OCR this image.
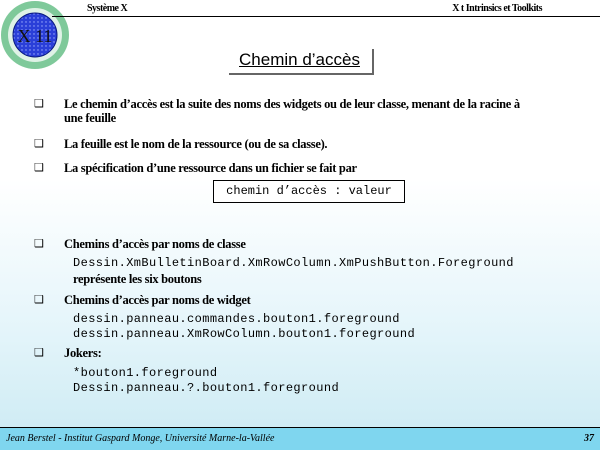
X 11
Système X	X t Intrinsics et Toolkits
Chemin d’accès
❑	Le chemin d’accès est la suite des noms des widgets ou de leur classe, menant de la racine à
une feuille
❑	La feuille est le nom de la ressource (ou de sa classe).
❑	La spécification d’une ressource dans un fichier se fait par
chemin d’accès : valeur
❑	Chemins d’accès par noms de classe
Dessin.XmBulletinBoard.XmRowColumn.XmPushButton.Foreground
représente les six boutons
❑	Chemins d’accès par noms de widget
dessin.panneau.commandes.bouton1.foreground
dessin.panneau.XmRowColumn.bouton1.foreground
❑	Jokers:
*bouton1.foreground
Dessin.panneau.?.bouton1.foreground
Jean Berstel - Institut Gaspard Monge, Université Marne-la-Vallée	37
